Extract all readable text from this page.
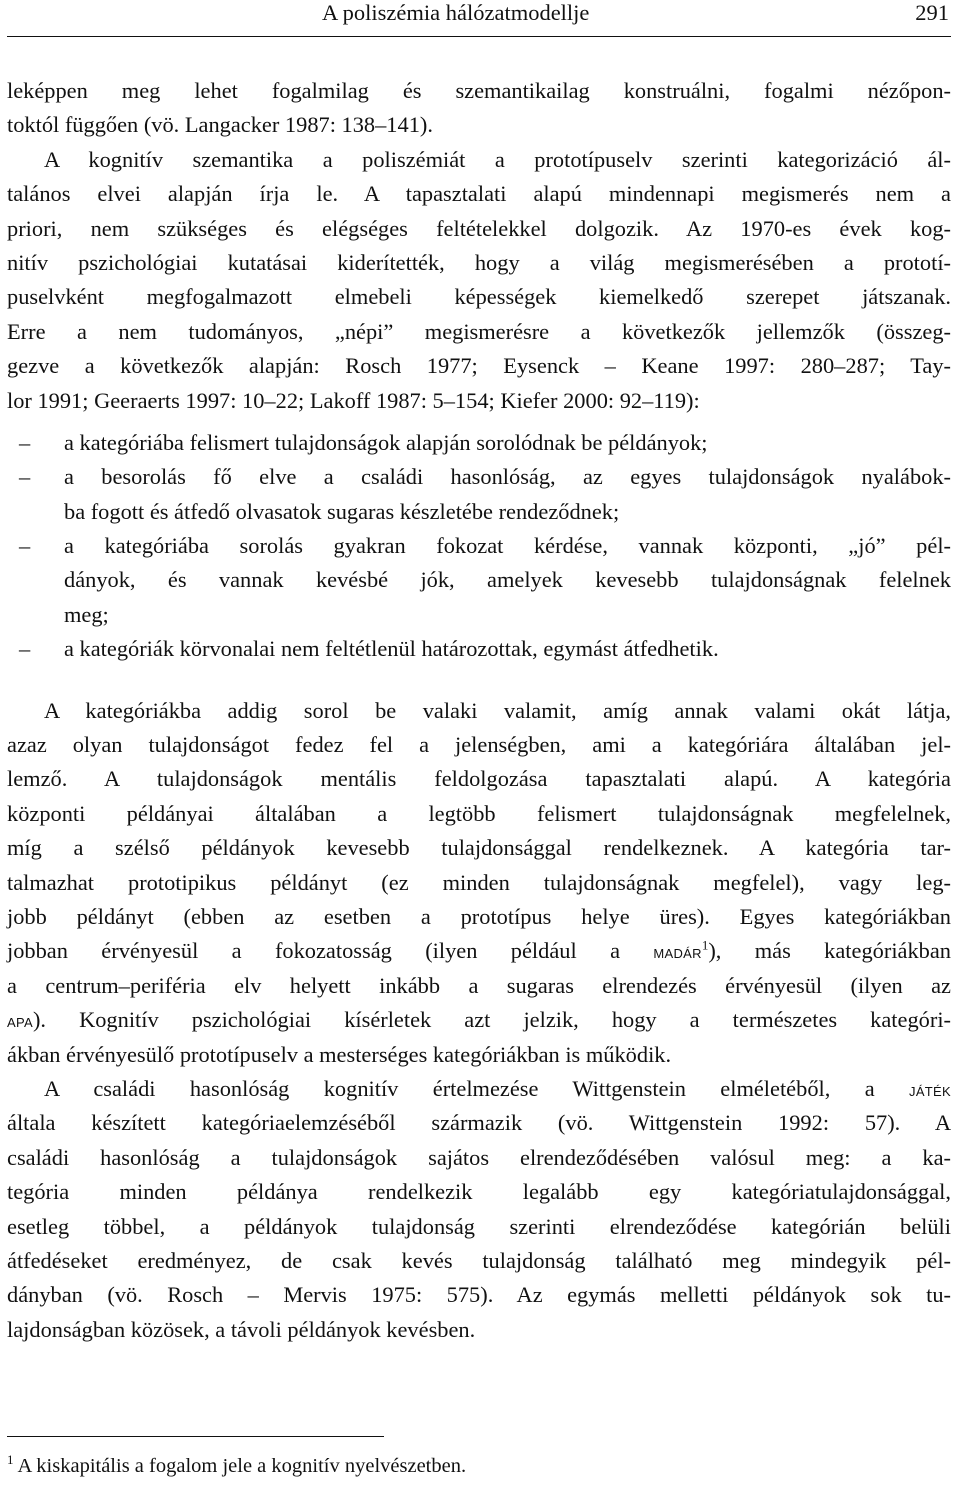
A poliszémia hálózatmodellje	291
leképpen meg lehet fogalmilag és szemantikailag konstruálni, fogalmi nézőpon-
toktól függően (vö. Langacker 1987: 138–141).
A kognitív szemantika a poliszémiát a prototípuselv szerinti kategorizáció ál-
talános elvei alapján írja le. A tapasztalati alapú mindennapi megismerés nem a
priori, nem szükséges és elégséges feltételekkel dolgozik. Az 1970-es évek kog-
nitív pszichológiai kutatásai kiderítették, hogy a világ megismerésében a prototí-
puselvként megfogalmazott elmebeli képességek kiemelkedő szerepet játszanak.
Erre a nem tudományos, „népi” megismerésre a következők jellemzők (összeg-
gezve a következők alapján: Rosch 1977; Eysenck – Keane 1997: 280–287; Tay-
lor 1991; Geeraerts 1997: 10–22; Lakoff 1987: 5–154; Kiefer 2000: 92–119):
– a kategóriába felismert tulajdonságok alapján sorolódnak be példányok;
– a besorolás fő elve a családi hasonlóság, az egyes tulajdonságok nyalábok-
ba fogott és átfedő olvasatok sugaras készletébe rendeződnek;
– a kategóriába sorolás gyakran fokozat kérdése, vannak központi, „jó” pél-
dányok, és vannak kevésbé jók, amelyek kevesebb tulajdonságnak felelnek
meg;
– a kategóriák körvonalai nem feltétlenül határozottak, egymást átfedhetik.
A kategóriákba addig sorol be valaki valamit, amíg annak valami okát látja,
azaz olyan tulajdonságot fedez fel a jelenségben, ami a kategóriára általában jel-
lemző. A tulajdonságok mentális feldolgozása tapasztalati alapú. A kategória
központi példányai általában a legtöbb felismert tulajdonságnak megfelelnek,
míg a szélső példányok kevesebb tulajdonsággal rendelkeznek. A kategória tar-
talmazhat prototipikus példányt (ez minden tulajdonságnak megfelel), vagy leg-
jobb példányt (ebben az esetben a prototípus helye üres). Egyes kategóriákban
jobban érvényesül a fokozatosság (ilyen például a madár$^1$), más kategóriákban
a centrum–periféria elv helyett inkább a sugaras elrendezés érvényesül (ilyen az
apa). Kognitív pszichológiai kísérletek azt jelzik, hogy a természetes kategóri-
ákban érvényesülő prototípuselv a mesterséges kategóriákban is működik.
A családi hasonlóság kognitív értelmezése Wittgenstein elméletéből, a játék
általa készített kategóriaelemzéséből származik (vö. Wittgenstein 1992: 57). A
családi hasonlóság a tulajdonságok sajátos elrendeződésében valósul meg: a ka-
tegória minden példánya rendelkezik legalább egy kategóriatulajdonsággal,
esetleg többel, a példányok tulajdonság szerinti elrendeződése kategórián belüli
átfedéseket eredményez, de csak kevés tulajdonság található meg mindegyik pél-
dányban (vö. Rosch – Mervis 1975: 575). Az egymás melletti példányok sok tu-
lajdonságban közösek, a távoli példányok kevésben.
$^1$ A kiskapitális a fogalom jele a kognitív nyelvészetben.
